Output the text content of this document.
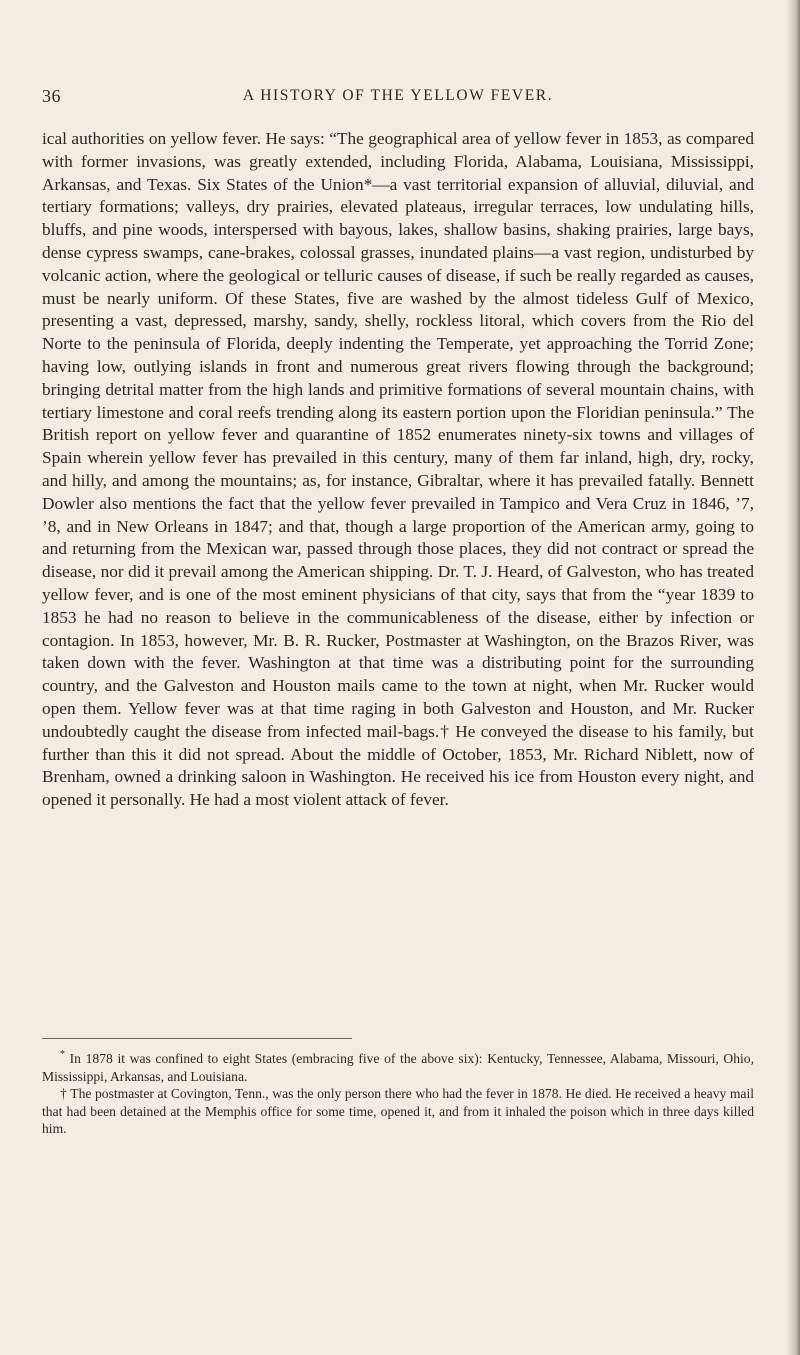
36	A HISTORY OF THE YELLOW FEVER.

ical authorities on yellow fever. He says: “The geographical area of yellow fever in 1853, as compared with former invasions, was greatly extended, including Florida, Alabama, Louisiana, Mississippi, Arkansas, and Texas. Six States of the Union*—a vast territorial expansion of alluvial, diluvial, and tertiary formations; valleys, dry prairies, elevated plateaus, irregular terraces, low undulating hills, bluffs, and pine woods, interspersed with bayous, lakes, shallow basins, shaking prairies, large bays, dense cypress swamps, cane-brakes, colossal grasses, inundated plains—a vast region, undisturbed by volcanic action, where the geological or telluric causes of disease, if such be really regarded as causes, must be nearly uniform. Of these States, five are washed by the almost tideless Gulf of Mexico, presenting a vast, depressed, marshy, sandy, shelly, rockless litoral, which covers from the Rio del Norte to the peninsula of Florida, deeply indenting the Temperate, yet approaching the Torrid Zone; having low, outlying islands in front and numerous great rivers flowing through the background; bringing detrital matter from the high lands and primitive formations of several mountain chains, with tertiary limestone and coral reefs trending along its eastern portion upon the Floridian peninsula.” The British report on yellow fever and quarantine of 1852 enumerates ninety-six towns and villages of Spain wherein yellow fever has prevailed in this century, many of them far inland, high, dry, rocky, and hilly, and among the mountains; as, for instance, Gibraltar, where it has prevailed fatally. Bennett Dowler also mentions the fact that the yellow fever prevailed in Tampico and Vera Cruz in 1846, ’7, ’8, and in New Orleans in 1847; and that, though a large proportion of the American army, going to and returning from the Mexican war, passed through those places, they did not contract or spread the disease, nor did it prevail among the American shipping. Dr. T. J. Heard, of Galveston, who has treated yellow fever, and is one of the most eminent physicians of that city, says that from the “year 1839 to 1853 he had no reason to believe in the communicableness of the disease, either by infection or contagion. In 1853, however, Mr. B. R. Rucker, Postmaster at Washington, on the Brazos River, was taken down with the fever. Washington at that time was a distributing point for the surrounding country, and the Galveston and Houston mails came to the town at night, when Mr. Rucker would open them. Yellow fever was at that time raging in both Galveston and Houston, and Mr. Rucker undoubtedly caught the disease from infected mail-bags.† He conveyed the disease to his family, but further than this it did not spread. About the middle of October, 1853, Mr. Richard Niblett, now of Brenham, owned a drinking saloon in Washington. He received his ice from Houston every night, and opened it personally. He had a most violent attack of fever.

* In 1878 it was confined to eight States (embracing five of the above six): Kentucky, Tennessee, Alabama, Missouri, Ohio, Mississippi, Arkansas, and Louisiana.

† The postmaster at Covington, Tenn., was the only person there who had the fever in 1878. He died. He received a heavy mail that had been detained at the Memphis office for some time, opened it, and from it inhaled the poison which in three days killed him.
